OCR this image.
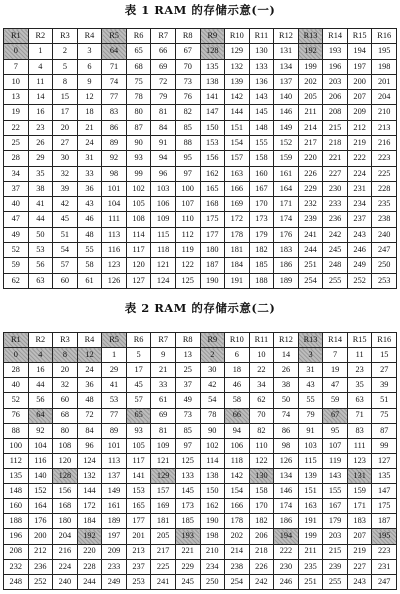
表 1 RAM 的存储示意(一)
R1	R2	R3	R4	R5	R6	R7	R8	R9	R10	R11	R12	R13	R14	R15	R16
0	1	2	3	64	65	66	67	128	129	130	131	192	193	194	195
7	4	5	6	71	68	69	70	135	132	133	134	199	196	197	198
10	11	8	9	74	75	72	73	138	139	136	137	202	203	200	201
13	14	15	12	77	78	79	76	141	142	143	140	205	206	207	204
19	16	17	18	83	80	81	82	147	144	145	146	211	208	209	210
22	23	20	21	86	87	84	85	150	151	148	149	214	215	212	213
25	26	27	24	89	90	91	88	153	154	155	152	217	218	219	216
28	29	30	31	92	93	94	95	156	157	158	159	220	221	222	223
34	35	32	33	98	99	96	97	162	163	160	161	226	227	224	225
37	38	39	36	101	102	103	100	165	166	167	164	229	230	231	228
40	41	42	43	104	105	106	107	168	169	170	171	232	233	234	235
47	44	45	46	111	108	109	110	175	172	173	174	239	236	237	238
49	50	51	48	113	114	115	112	177	178	179	176	241	242	243	240
52	53	54	55	116	117	118	119	180	181	182	183	244	245	246	247
59	56	57	58	123	120	121	122	187	184	185	186	251	248	249	250
62	63	60	61	126	127	124	125	190	191	188	189	254	255	252	253
表 2 RAM 的存储示意(二)
R1	R2	R3	R4	R5	R6	R7	R8	R9	R10	R11	R12	R13	R14	R15	R16
0	4	8	12	1	5	9	13	2	6	10	14	3	7	11	15
28	16	20	24	29	17	21	25	30	18	22	26	31	19	23	27
40	44	32	36	41	45	33	37	42	46	34	38	43	47	35	39
52	56	60	48	53	57	61	49	54	58	62	50	55	59	63	51
76	64	68	72	77	65	69	73	78	66	70	74	79	67	71	75
88	92	80	84	89	93	81	85	90	94	82	86	91	95	83	87
100	104	108	96	101	105	109	97	102	106	110	98	103	107	111	99
112	116	120	124	113	117	121	125	114	118	122	126	115	119	123	127
135	140	128	132	137	141	129	133	138	142	130	134	139	143	131	135
148	152	156	144	149	153	157	145	150	154	158	146	151	155	159	147
160	164	168	172	161	165	169	173	162	166	170	174	163	167	171	175
188	176	180	184	189	177	181	185	190	178	182	186	191	179	183	187
196	200	204	192	197	201	205	193	198	202	206	194	199	203	207	195
208	212	216	220	209	213	217	221	210	214	218	222	211	215	219	223
232	236	224	228	233	237	225	229	234	238	226	230	235	239	227	231
248	252	240	244	249	253	241	245	250	254	242	246	251	255	243	247
